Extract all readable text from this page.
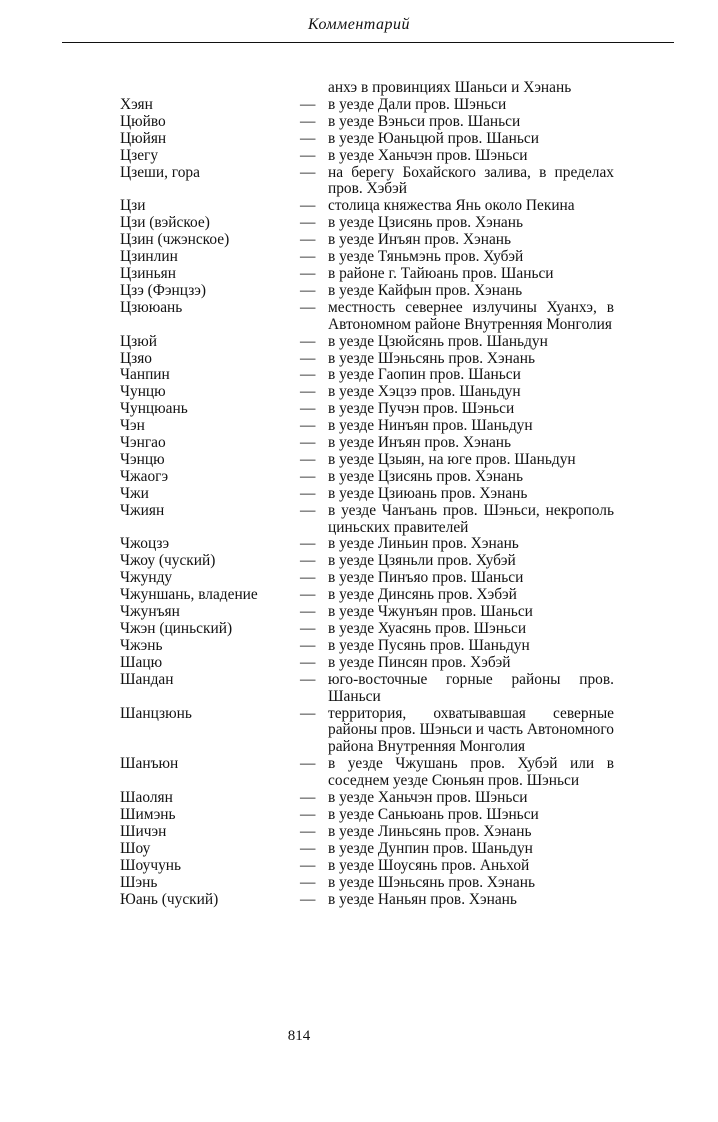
Комментарий
анхэ в провинциях Шаньси и Хэнань
Хэян	— в уезде Дали пров. Шэньси
Цюйво	— в уезде Вэньси пров. Шаньси
Цюйян	— в уезде Юаньцюй пров. Шаньси
Цзегу	— в уезде Ханьчэн пров. Шэньси
Цзеши, гора	— на берегу Бохайского залива, в пределах пров. Хэбэй
Цзи	— столица княжества Янь около Пекина
Цзи (вэйское)	— в уезде Цзисянь пров. Хэнань
Цзин (чжэнское)	— в уезде Инъян пров. Хэнань
Цзинлин	— в уезде Тяньмэнь пров. Хубэй
Цзиньян	— в районе г. Тайюань пров. Шаньси
Цзэ (Фэнцзэ)	— в уезде Кайфын пров. Хэнань
Цзююань	— местность севернее излучины Хуанхэ, в Автономном районе Внутренняя Монголия
Цзюй	— в уезде Цзюйсянь пров. Шаньдун
Цзяо	— в уезде Шэньсянь пров. Хэнань
Чанпин	— в уезде Гаопин пров. Шаньси
Чунцю	— в уезде Хэцзэ пров. Шаньдун
Чунцюань	— в уезде Пучэн пров. Шэньси
Чэн	— в уезде Нинъян пров. Шаньдун
Чэнгао	— в уезде Инъян пров. Хэнань
Чэнцю	— в уезде Цзыян, на юге пров. Шаньдун
Чжаогэ	— в уезде Цзисянь пров. Хэнань
Чжи	— в уезде Цзиюань пров. Хэнань
Чжиян	— в уезде Чанъань пров. Шэньси, некрополь циньских правителей
Чжоцзэ	— в уезде Линьин пров. Хэнань
Чжоу (чуский)	— в уезде Цзяньли пров. Хубэй
Чжунду	— в уезде Пинъяо пров. Шаньси
Чжуншань, владение	— в уезде Динсянь пров. Хэбэй
Чжунъян	— в уезде Чжунъян пров. Шаньси
Чжэн (циньский)	— в уезде Хуасянь пров. Шэньси
Чжэнь	— в уезде Пусянь пров. Шаньдун
Шацю	— в уезде Пинсян пров. Хэбэй
Шандан	— юго-восточные горные районы пров. Шаньси
Шанцзюнь	— территория, охватывавшая северные районы пров. Шэньси и часть Автономного района Внутренняя Монголия
Шанъюн	— в уезде Чжушань пров. Хубэй или в соседнем уезде Сюньян пров. Шэньси
Шаолян	— в уезде Ханьчэн пров. Шэньси
Шимэнь	— в уезде Саньюань пров. Шэньси
Шичэн	— в уезде Линьсянь пров. Хэнань
Шоу	— в уезде Дунпин пров. Шаньдун
Шоучунь	— в уезде Шоусянь пров. Аньхой
Шэнь	— в уезде Шэньсянь пров. Хэнань
Юань (чуский)	— в уезде Наньян пров. Хэнань
814
